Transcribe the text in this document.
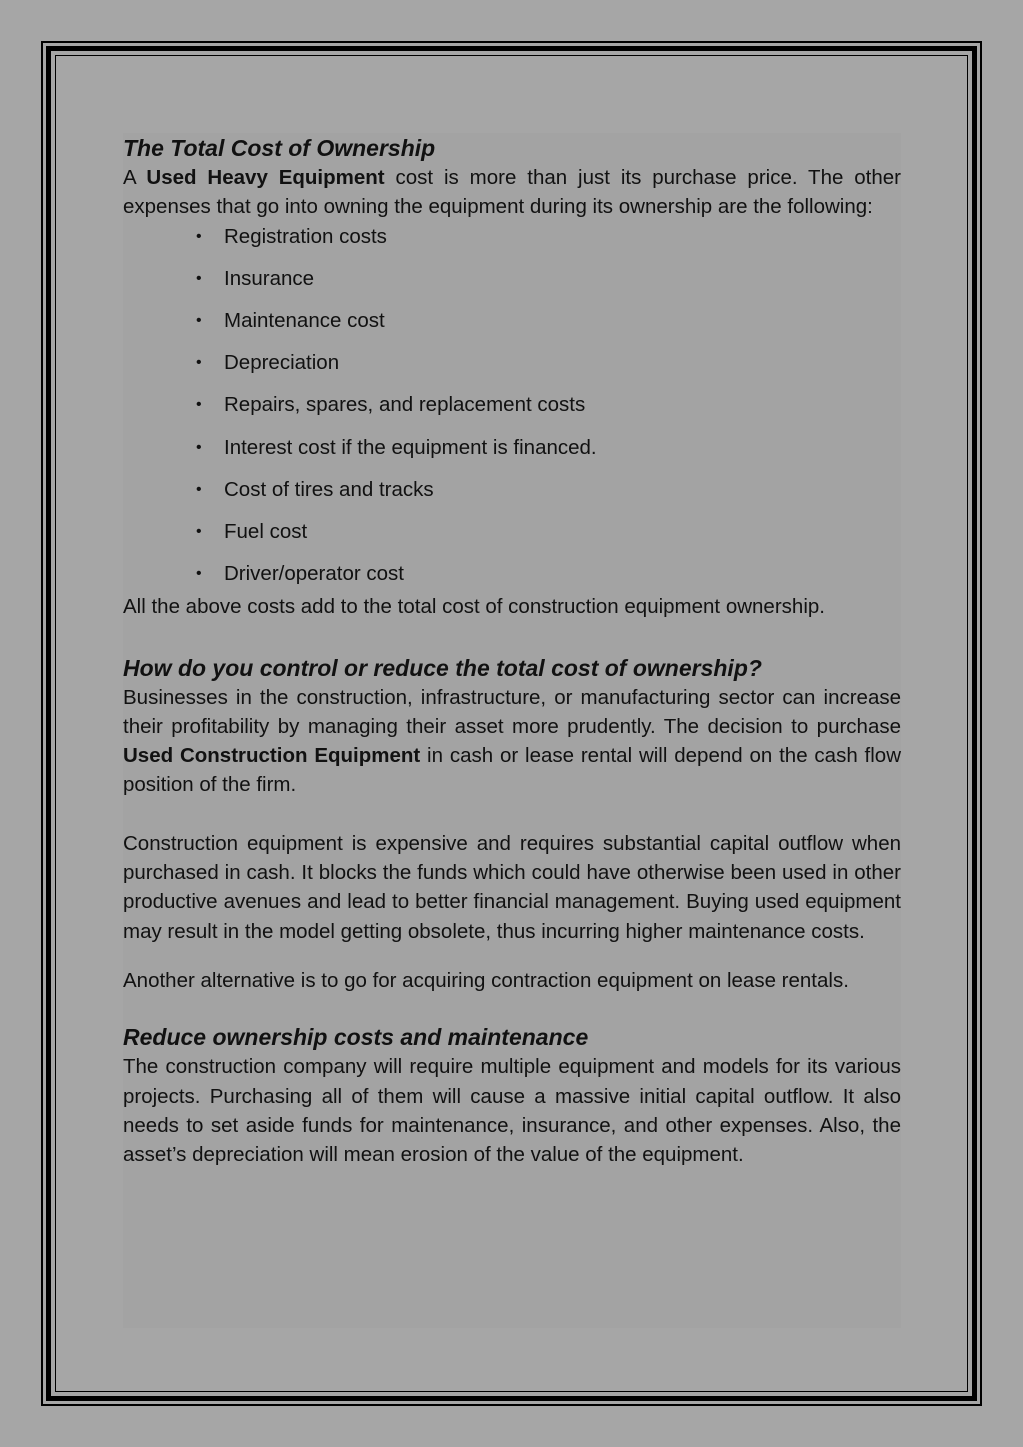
The Total Cost of Ownership

A Used Heavy Equipment cost is more than just its purchase price. The other expenses that go into owning the equipment during its ownership are the following:

• Registration costs
• Insurance
• Maintenance cost
• Depreciation
• Repairs, spares, and replacement costs
• Interest cost if the equipment is financed.
• Cost of tires and tracks
• Fuel cost
• Driver/operator cost

All the above costs add to the total cost of construction equipment ownership.

How do you control or reduce the total cost of ownership?

Businesses in the construction, infrastructure, or manufacturing sector can increase their profitability by managing their asset more prudently. The decision to purchase Used Construction Equipment in cash or lease rental will depend on the cash flow position of the firm.

Construction equipment is expensive and requires substantial capital outflow when purchased in cash. It blocks the funds which could have otherwise been used in other productive avenues and lead to better financial management. Buying used equipment may result in the model getting obsolete, thus incurring higher maintenance costs.

Another alternative is to go for acquiring contraction equipment on lease rentals.

Reduce ownership costs and maintenance

The construction company will require multiple equipment and models for its various projects. Purchasing all of them will cause a massive initial capital outflow. It also needs to set aside funds for maintenance, insurance, and other expenses. Also, the asset’s depreciation will mean erosion of the value of the equipment.
